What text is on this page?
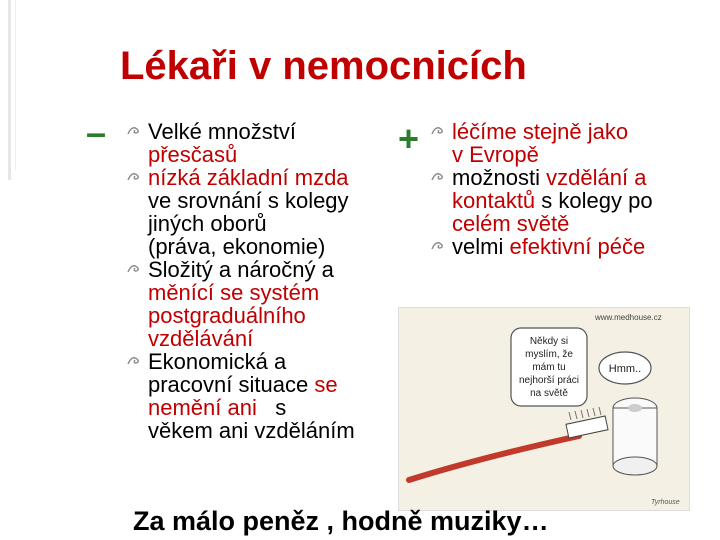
Lékaři v nemocnicích
–	+
Velké množství
přesčasů
nízká základní mzda
ve srovnání s kolegy
jiných oborů
(práva, ekonomie)
Složitý a náročný a
měnící se systém
postgraduálního
vzdělávání
Ekonomická a
pracovní situace se
nemění ani   s
věkem ani vzděláním
léčíme stejně jako
v Evropě
možnosti vzdělání a
kontaktů s kolegy po
celém světě
velmi efektivní péče
www.medhouse.cz
Někdy si
myslím, že
mám tu
nejhorší práci
na světě
Hmm..
Tyrhouse
Za málo peněz , hodně muziky…
